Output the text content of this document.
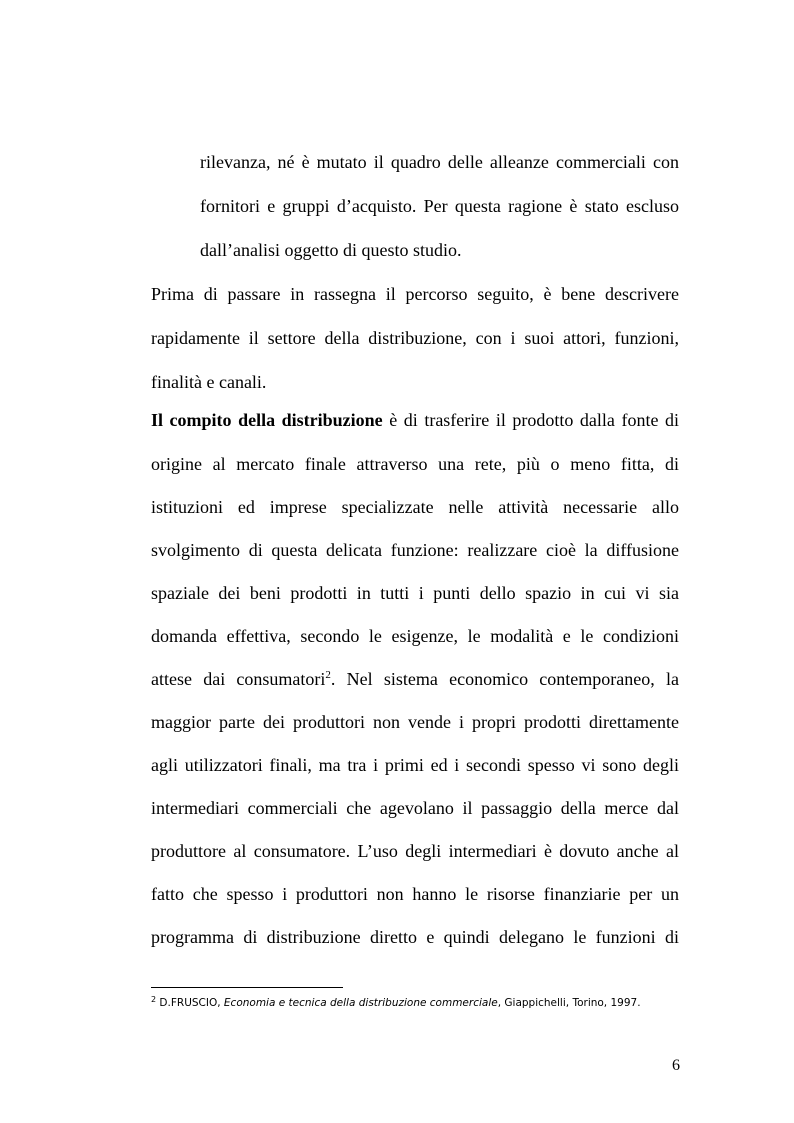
rilevanza, né è mutato il quadro delle alleanze commerciali con
fornitori e gruppi d’acquisto. Per questa ragione è stato escluso
dall’analisi oggetto di questo studio.
Prima di passare in rassegna il percorso seguito, è bene descrivere
rapidamente il settore della distribuzione, con i suoi attori, funzioni,
finalità e canali.
Il compito della distribuzione è di trasferire il prodotto dalla fonte di
origine al mercato finale attraverso una rete, più o meno fitta, di
istituzioni ed imprese specializzate nelle attività necessarie allo
svolgimento di questa delicata funzione: realizzare cioè la diffusione
spaziale dei beni prodotti in tutti i punti dello spazio in cui vi sia
domanda effettiva, secondo le esigenze, le modalità e le condizioni
attese dai consumatori$^2$. Nel sistema economico contemporaneo, la
maggior parte dei produttori non vende i propri prodotti direttamente
agli utilizzatori finali, ma tra i primi ed i secondi spesso vi sono degli
intermediari commerciali che agevolano il passaggio della merce dal
produttore al consumatore. L’uso degli intermediari è dovuto anche al
fatto che spesso i produttori non hanno le risorse finanziarie per un
programma di distribuzione diretto e quindi delegano le funzioni di
$^2$ D.FRUSCIO, Economia e tecnica della distribuzione commerciale, Giappichelli, Torino, 1997.
6
